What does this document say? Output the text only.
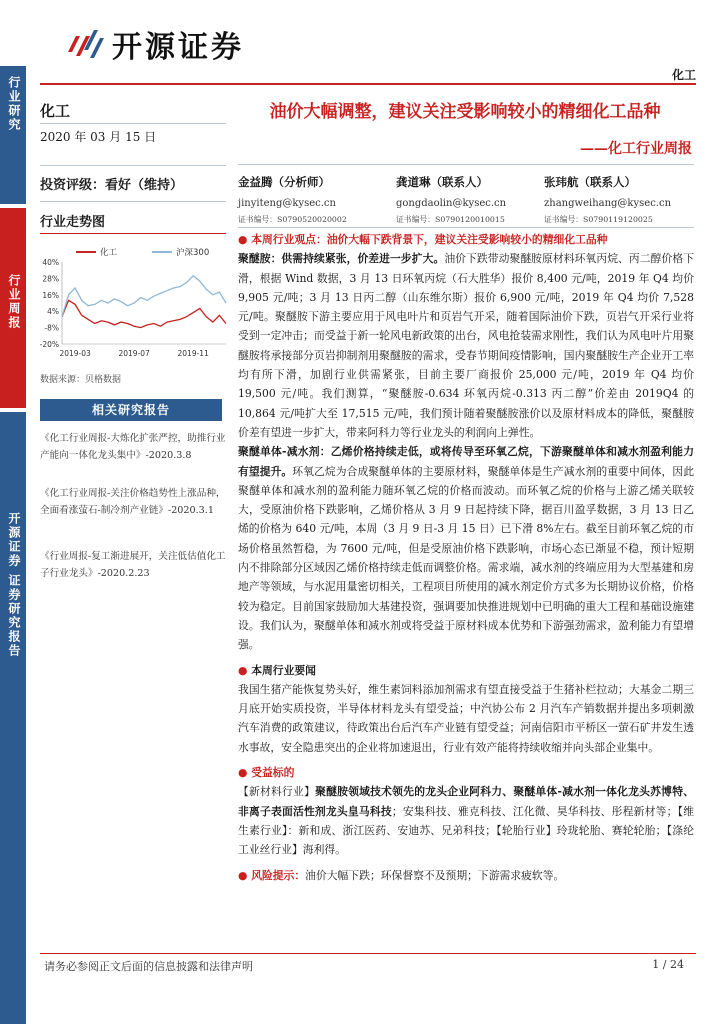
开源证券
化工
行业研究
行业周报
开源证券 证券研究报告
化工
2020 年 03 月 15 日
投资评级：看好（维持）
行业走势图
化工	沪深300
40%
28%
16%
4%
-8%
-20%
2019-03	2019-07	2019-11
数据来源：贝格数据
相关研究报告
《化工行业周报-大炼化扩张严控，助推行业产能向一体化龙头集中》-2020.3.8
《化工行业周报-关注价格趋势性上涨品种，全面看涨萤石-制冷剂产业链》-2020.3.1
《行业周报-复工渐进展开，关注低估值化工子行业龙头》-2020.2.23
油价大幅调整，建议关注受影响较小的精细化工品种
——化工行业周报
金益腾（分析师）
jinyiteng@kysec.cn
证书编号：S0790520020002
龚道琳（联系人）
gongdaolin@kysec.cn
证书编号：S0790120010015
张玮航（联系人）
zhangweihang@kysec.cn
证书编号：S0790119120025
● 本周行业观点：油价大幅下跌背景下，建议关注受影响较小的精细化工品种
聚醚胺：供需持续紧张，价差进一步扩大。油价下跌带动聚醚胺原材料环氧丙烷、丙二醇价格下滑，根据 Wind 数据，3 月 13 日环氧丙烷（石大胜华）报价 8,400 元/吨，2019 年 Q4 均价 9,905 元/吨；3 月 13 日丙二醇（山东维尔斯）报价 6,900 元/吨，2019 年 Q4 均价 7,528 元/吨。聚醚胺下游主要应用于风电叶片和页岩气开采，随着国际油价下跌，页岩气开采行业将受到一定冲击；而受益于新一轮风电新政策的出台，风电抢装需求刚性，我们认为风电叶片用聚醚胺将承接部分页岩抑制剂用聚醚胺的需求，受春节期间疫情影响，国内聚醚胺生产企业开工率均有所下滑，加剧行业供需紧张，目前主要厂商报价 25,000 元/吨，2019 年 Q4 均价 19,500 元/吨。我们测算，“聚醚胺-0.634 环氧丙烷-0.313 丙二醇”价差由 2019Q4 的 10,864 元/吨扩大至 17,515 元/吨，我们预计随着聚醚胺涨价以及原材料成本的降低，聚醚胺价差有望进一步扩大，带来阿科力等行业龙头的利润向上弹性。
聚醚单体-减水剂：乙烯价格持续走低，或将传导至环氧乙烷，下游聚醚单体和减水剂盈利能力有望提升。环氧乙烷为合成聚醚单体的主要原材料，聚醚单体是生产减水剂的重要中间体，因此聚醚单体和减水剂的盈利能力随环氧乙烷的价格而波动。而环氧乙烷的价格与上游乙烯关联较大，受原油价格下跌影响，乙烯价格从 3 月 9 日起持续下降，据百川盈孚数据，3 月 13 日乙烯的价格为 640 元/吨，本周（3 月 9 日-3 月 15 日）已下滑 8%左右。截至目前环氧乙烷的市场价格虽然暂稳，为 7600 元/吨，但是受原油价格下跌影响，市场心态已渐显不稳，预计短期内不排除部分区域因乙烯价格持续走低而调整价格。需求端，减水剂的终端应用为大型基建和房地产等领域，与水泥用量密切相关，工程项目所使用的减水剂定价方式多为长期协议价格，价格较为稳定。目前国家鼓励加大基建投资，强调要加快推进规划中已明确的重大工程和基础设施建设。我们认为，聚醚单体和减水剂或将受益于原材料成本优势和下游强劲需求，盈利能力有望增强。
● 本周行业要闻
我国生猪产能恢复势头好，维生素饲料添加剂需求有望直接受益于生猪补栏拉动；大基金二期三月底开始实质投资，半导体材料龙头有望受益；中汽协公布 2 月汽车产销数据并提出多项刺激汽车消费的政策建议，待政策出台后汽车产业链有望受益；河南信阳市平桥区一萤石矿井发生透水事故，安全隐患突出的企业将加速退出，行业有效产能将持续收缩并向头部企业集中。
● 受益标的
【新材料行业】聚醚胺领域技术领先的龙头企业阿科力、聚醚单体-减水剂一体化龙头苏博特、非离子表面活性剂龙头皇马科技；安集科技、雅克科技、江化微、昊华科技、彤程新材等；【维生素行业】：新和成、浙江医药、安迪苏、兄弟科技；【轮胎行业】玲珑轮胎、赛轮轮胎；【涤纶工业丝行业】海利得。
● 风险提示：油价大幅下跌；环保督察不及预期；下游需求疲软等。
请务必参阅正文后面的信息披露和法律声明	1 / 24
